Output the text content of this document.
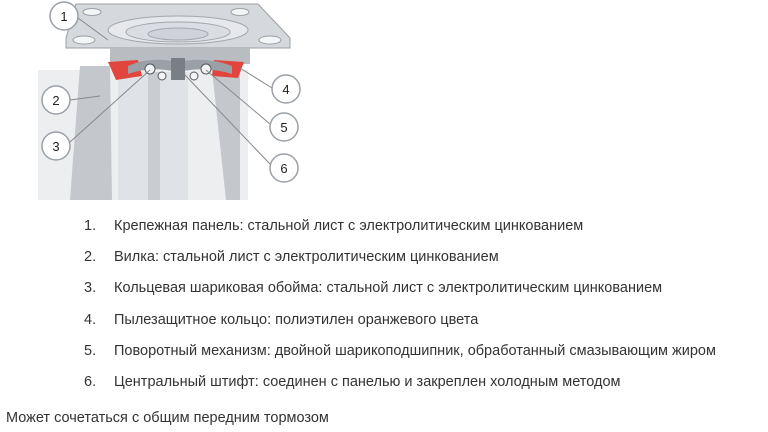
1
2
3
4
5
6
1.	Крепежная панель: стальной лист с электролитическим цинкованием
2.	Вилка: стальной лист с электролитическим цинкованием
3.	Кольцевая шариковая обойма: стальной лист с электролитическим цинкованием
4.	Пылезащитное кольцо: полиэтилен оранжевого цвета
5.	Поворотный механизм: двойной шарикоподшипник, обработанный смазывающим жиром
6.	Центральный штифт: соединен с панелью и закреплен холодным методом
Может сочетаться с общим передним тормозом
